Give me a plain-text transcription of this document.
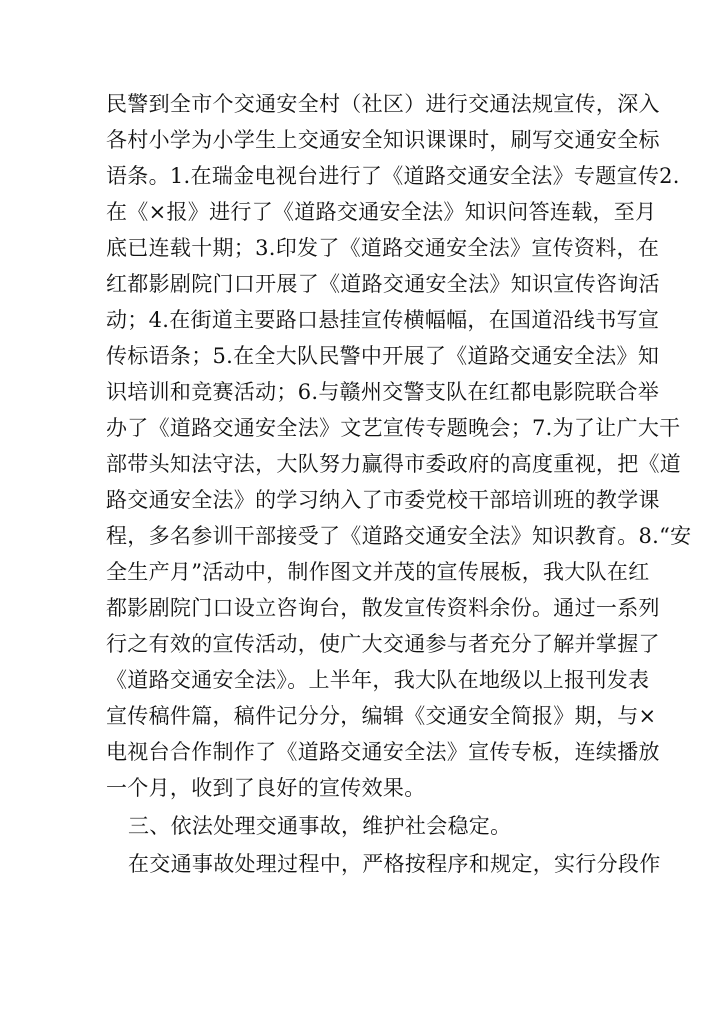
民警到全市个交通安全村（社区）进行交通法规宣传，深入
各村小学为小学生上交通安全知识课课时，刷写交通安全标
语条。1.在瑞金电视台进行了《道路交通安全法》专题宣传2.
在《×报》进行了《道路交通安全法》知识问答连载，至月
底已连载十期；3.印发了《道路交通安全法》宣传资料，在
红都影剧院门口开展了《道路交通安全法》知识宣传咨询活
动；4.在街道主要路口悬挂宣传横幅幅，在国道沿线书写宣
传标语条；5.在全大队民警中开展了《道路交通安全法》知
识培训和竞赛活动；6.与赣州交警支队在红都电影院联合举
办了《道路交通安全法》文艺宣传专题晚会；7.为了让广大干
部带头知法守法，大队努力赢得市委政府的高度重视，把《道
路交通安全法》的学习纳入了市委党校干部培训班的教学课
程，多名参训干部接受了《道路交通安全法》知识教育。8.“安
全生产月”活动中，制作图文并茂的宣传展板，我大队在红
都影剧院门口设立咨询台，散发宣传资料余份。通过一系列
行之有效的宣传活动，使广大交通参与者充分了解并掌握了
《道路交通安全法》。上半年，我大队在地级以上报刊发表
宣传稿件篇，稿件记分分，编辑《交通安全简报》期，与×
电视台合作制作了《道路交通安全法》宣传专板，连续播放
一个月，收到了良好的宣传效果。
三、依法处理交通事故，维护社会稳定。
在交通事故处理过程中，严格按程序和规定，实行分段作
